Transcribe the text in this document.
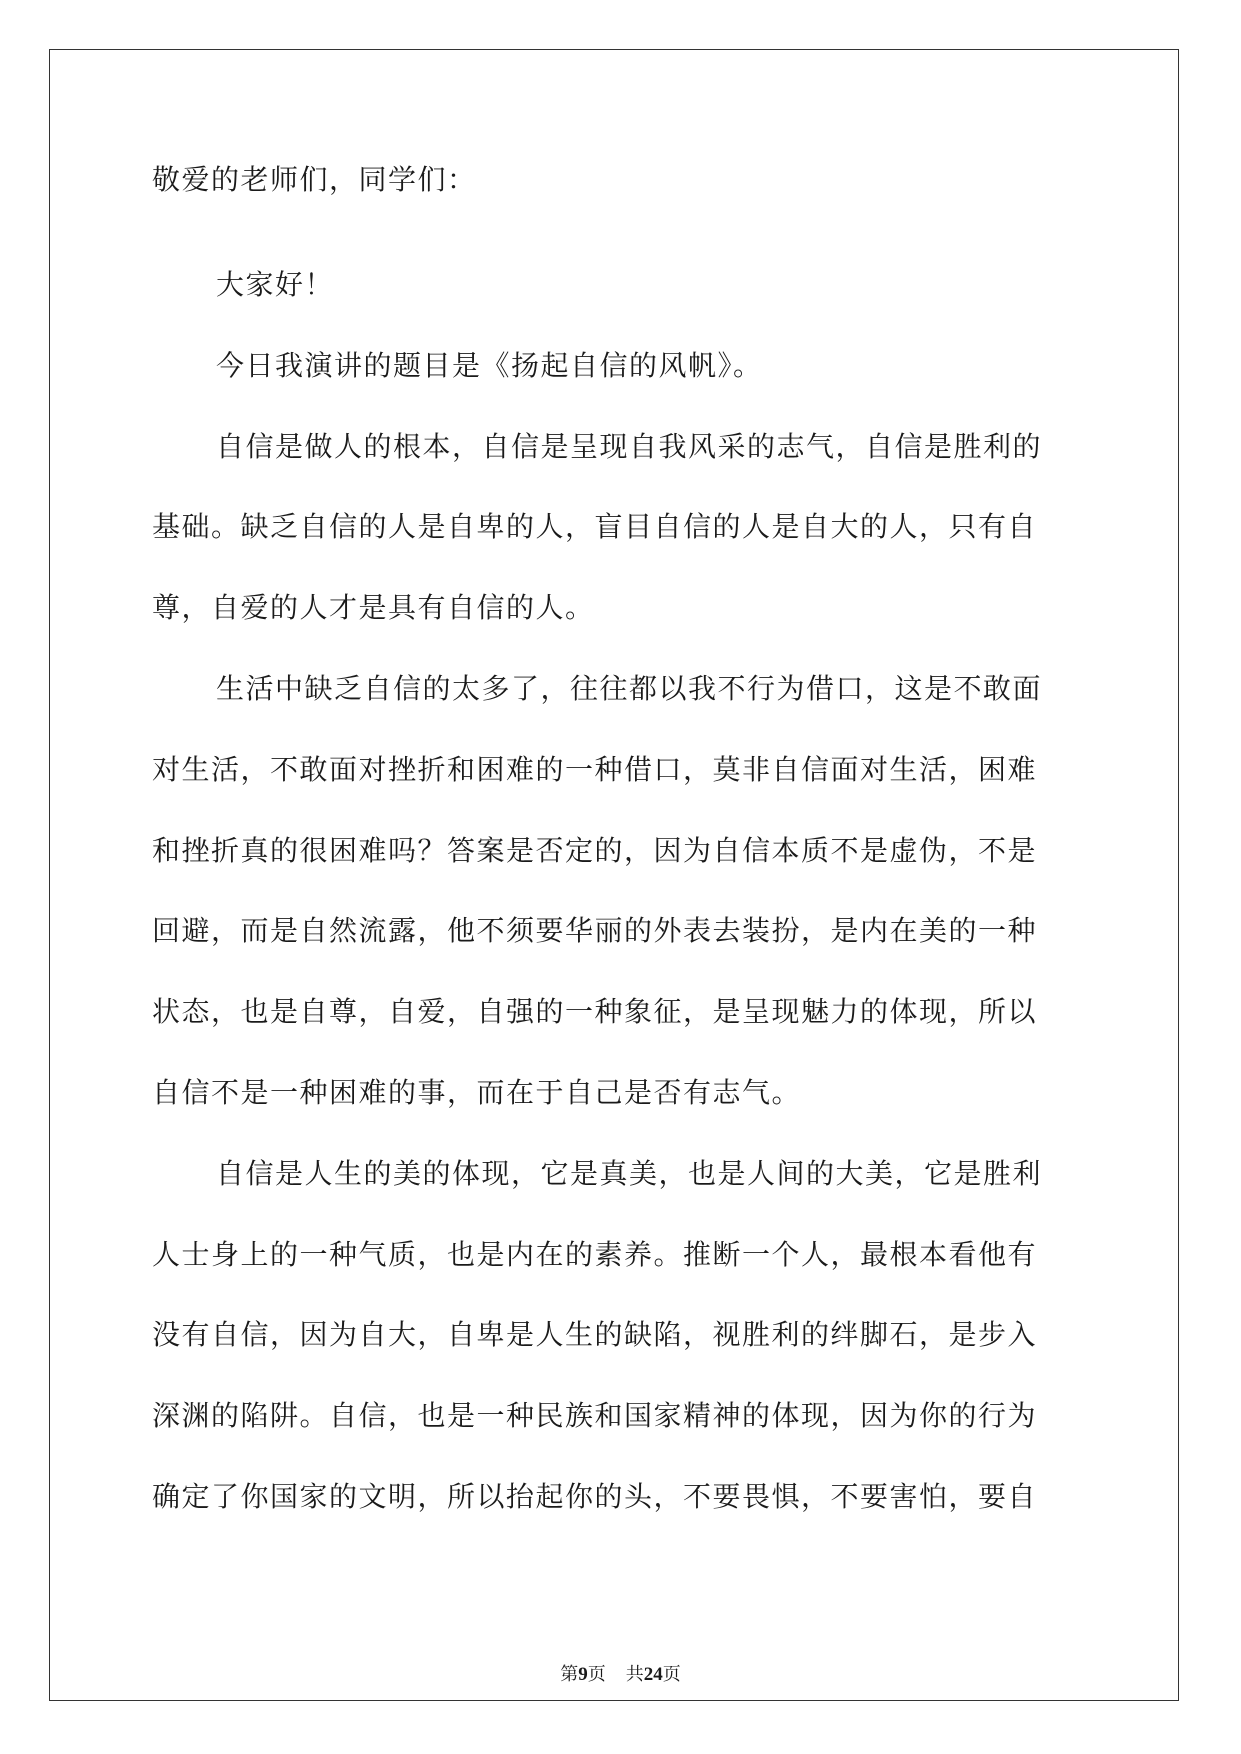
敬爱的老师们，同学们：
大家好！
今日我演讲的题目是《扬起自信的风帆》。
自信是做人的根本，自信是呈现自我风采的志气，自信是胜利的
基础。缺乏自信的人是自卑的人，盲目自信的人是自大的人，只有自
尊，自爱的人才是具有自信的人。
生活中缺乏自信的太多了，往往都以我不行为借口，这是不敢面
对生活，不敢面对挫折和困难的一种借口，莫非自信面对生活，困难
和挫折真的很困难吗？答案是否定的，因为自信本质不是虚伪，不是
回避，而是自然流露，他不须要华丽的外表去装扮，是内在美的一种
状态，也是自尊，自爱，自强的一种象征，是呈现魅力的体现，所以
自信不是一种困难的事，而在于自己是否有志气。
自信是人生的美的体现，它是真美，也是人间的大美，它是胜利
人士身上的一种气质，也是内在的素养。推断一个人，最根本看他有
没有自信，因为自大，自卑是人生的缺陷，视胜利的绊脚石，是步入
深渊的陷阱。自信，也是一种民族和国家精神的体现，因为你的行为
确定了你国家的文明，所以抬起你的头，不要畏惧，不要害怕，要自
第9页 共24页
